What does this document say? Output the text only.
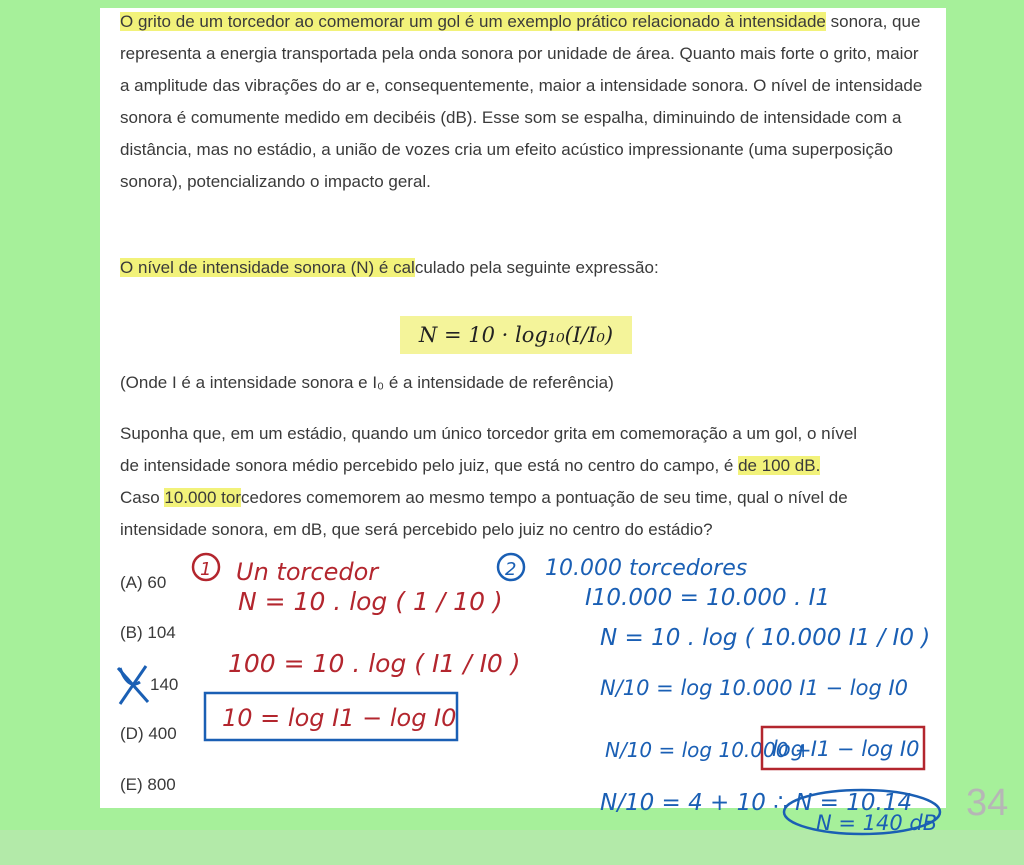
O grito de um torcedor ao comemorar um gol é um exemplo prático relacionado à intensidade sonora, que representa a energia transportada pela onda sonora por unidade de área. Quanto mais forte o grito, maior a amplitude das vibrações do ar e, consequentemente, maior a intensidade sonora. O nível de intensidade sonora é comumente medido em decibéis (dB). Esse som se espalha, diminuindo de intensidade com a distância, mas no estádio, a união de vozes cria um efeito acústico impressionante (uma superposição sonora), potencializando o impacto geral.

O nível de intensidade sonora (N) é calculado pela seguinte expressão:

N = 10 · log₁₀(I/I₀)

(Onde I é a intensidade sonora e I₀ é a intensidade de referência)

Suponha que, em um estádio, quando um único torcedor grita em comemoração a um gol, o nível
de intensidade sonora médio percebido pelo juiz, que está no centro do campo, é de 100 dB.
Caso 10.000 torcedores comemorem ao mesmo tempo a pontuação de seu time, qual o nível de
intensidade sonora, em dB, que será percebido pelo juiz no centro do estádio?

(A) 60
(B) 104
140
(D) 400
(E) 800
1 Un torcedor
N = 10 . log ( 1 / 10 )
100 = 10 . log ( I1 / I0 )
10 = log I1 − log I0
2 10.000 torcedores
I10.000 = 10.000 . I1
N = 10 . log ( 10.000 I1 / I0 )
N/10 = log 10.000 I1 − log I0
N/10 = log 10.000 +
N/10 = 4 + 10 ∴ N = 10.14
N = 140 dB
log I1 − log I0
34
